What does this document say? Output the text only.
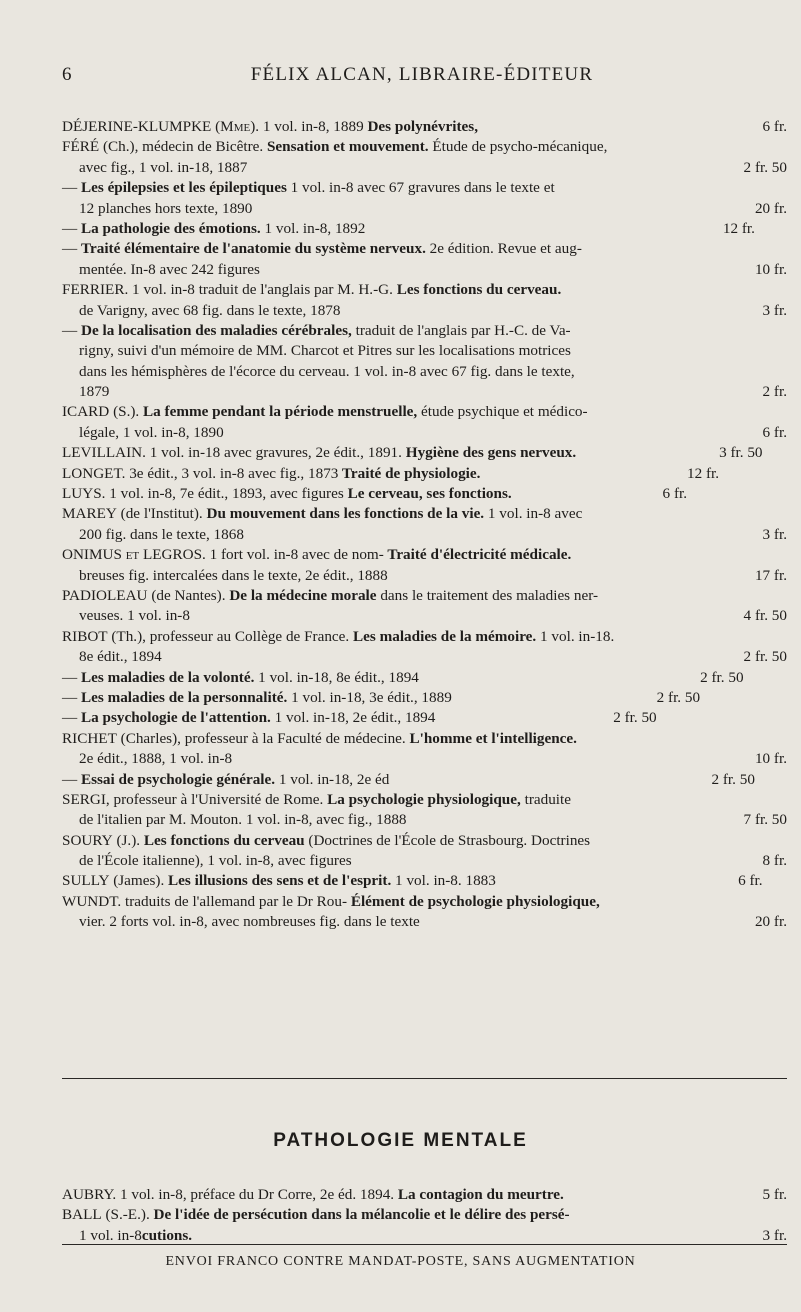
6	FÉLIX ALCAN, LIBRAIRE-ÉDITEUR
6 fr.
DÉJERINE-KLUMPKE (Mme). 1 vol. in-8, 1889 Des polynévrites,
FÉRÉ (Ch.), médecin de Bicêtre. Sensation et mouvement. Étude de psycho-mécanique,
2 fr. 50
avec fig., 1 vol. in-18, 1887
— Les épilepsies et les épileptiques 1 vol. in-8 avec 67 gravures dans le texte et
20 fr.
12 planches hors texte, 1890
12 fr.
— La pathologie des émotions. 1 vol. in-8, 1892
— Traité élémentaire de l'anatomie du système nerveux. 2e édition. Revue et aug-
10 fr.
mentée. In-8 avec 242 figures
FERRIER. 1 vol. in-8 traduit de l'anglais par M. H.-G. Les fonctions du cerveau.
3 fr.
de Varigny, avec 68 fig. dans le texte, 1878
— De la localisation des maladies cérébrales, traduit de l'anglais par H.-C. de Va-
rigny, suivi d'un mémoire de MM. Charcot et Pitres sur les localisations motrices
dans les hémisphères de l'écorce du cerveau. 1 vol. in-8 avec 67 fig. dans le texte,
2 fr.
1879
ICARD (S.). La femme pendant la période menstruelle, étude psychique et médico-
6 fr.
légale, 1 vol. in-8, 1890
3 fr. 50
LEVILLAIN. 1 vol. in-18 avec gravures, 2e édit., 1891. Hygiène des gens nerveux.
12 fr.
LONGET. 3e édit., 3 vol. in-8 avec fig., 1873 Traité de physiologie.
6 fr.
LUYS. 1 vol. in-8, 7e édit., 1893, avec figures Le cerveau, ses fonctions.
MAREY (de l'Institut). Du mouvement dans les fonctions de la vie. 1 vol. in-8 avec
3 fr.
200 fig. dans le texte, 1868
ONIMUS et LEGROS. 1 fort vol. in-8 avec de nom- Traité d'électricité médicale.
17 fr.
breuses fig. intercalées dans le texte, 2e édit., 1888
PADIOLEAU (de Nantes). De la médecine morale dans le traitement des maladies ner-
4 fr. 50
veuses. 1 vol. in-8
RIBOT (Th.), professeur au Collège de France. Les maladies de la mémoire. 1 vol. in-18.
2 fr. 50
8e édit., 1894
2 fr. 50
— Les maladies de la volonté. 1 vol. in-18, 8e édit., 1894
2 fr. 50
— Les maladies de la personnalité. 1 vol. in-18, 3e édit., 1889
2 fr. 50
— La psychologie de l'attention. 1 vol. in-18, 2e édit., 1894
RICHET (Charles), professeur à la Faculté de médecine. L'homme et l'intelligence.
10 fr.
2e édit., 1888, 1 vol. in-8
2 fr. 50
— Essai de psychologie générale. 1 vol. in-18, 2e éd
SERGI, professeur à l'Université de Rome. La psychologie physiologique, traduite
7 fr. 50
de l'italien par M. Mouton. 1 vol. in-8, avec fig., 1888
SOURY (J.). Les fonctions du cerveau (Doctrines de l'École de Strasbourg. Doctrines
8 fr.
de l'École italienne), 1 vol. in-8, avec figures
6 fr.
SULLY (James). Les illusions des sens et de l'esprit. 1 vol. in-8. 1883
WUNDT. traduits de l'allemand par le Dr Rou- Élément de psychologie physiologique,
20 fr.
vier. 2 forts vol. in-8, avec nombreuses fig. dans le texte
PATHOLOGIE MENTALE
5 fr.
AUBRY. 1 vol. in-8, préface du Dr Corre, 2e éd. 1894. La contagion du meurtre.
BALL (S.-E.). De l'idée de persécution dans la mélancolie et le délire des persé-
3 fr.
1 vol. in-8cutions.
ENVOI FRANCO CONTRE MANDAT-POSTE, SANS AUGMENTATION
